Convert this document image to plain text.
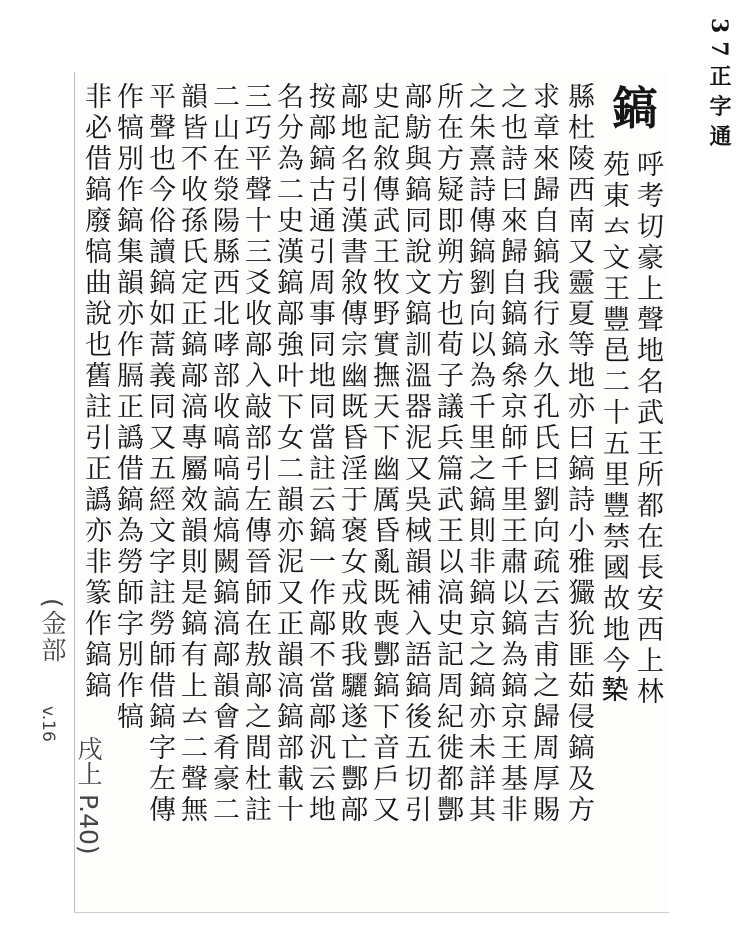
37正字通
鎬
呼考切豪上聲地名武王所都在長安西上林
苑東𠫓文王豐邑二十五里豐禁國故地今𣙗
縣杜陵西南又靈夏等地亦曰鎬詩小雅玁狁匪茹侵鎬及方
求章來歸自鎬我行永久孔氏曰劉向疏云吉甫之歸周厚賜
之也詩曰來歸自鎬鎬㕘京師千里王肅以鎬為鎬京王基非
之朱熹詩傳鎬劉向以為千里之鎬則非鎬京之鎬亦未詳其
所在方疑即朔方也荀子議兵篇武王以滈史記周紀徙都酆
鄗䲱與鎬同說文鎬訓溫器泥又吳棫韻補入語鎬後五切引
史記敘傳武王牧野實撫天下幽厲昏亂既喪酆鎬下音戶又
鄗地名引漢書敘傳宗幽既昏淫于褒女戎敗我驪遂亡酆鄗
按鄗鎬古通引周事同地同當註云鎬一作鄗不當鄗汎云地
名分為二史漢鎬鄗強叶下女二韻亦泥又正韻滈鎬部載十
三巧平聲十三爻收鄗入敲部引左傳晉師在敖鄗之間杜註
二山在滎陽縣西北哮部收嗃嗃謞熇闕鎬滈鄗韻會肴豪二
韻皆不收孫氏定正鎬鄗滈專屬效韻則是鎬有上𠫓二聲無
平聲也今俗讀鎬如蒿義同又五經文字註勞師借鎬字左傳
作犒別作鎬集韻亦作膈正譌借鎬為勞師字別作犒
非必借鎬廢犒曲說也舊註引正譌亦非篆作鎬鎬
(金部
v.16
戌上 P.40)
